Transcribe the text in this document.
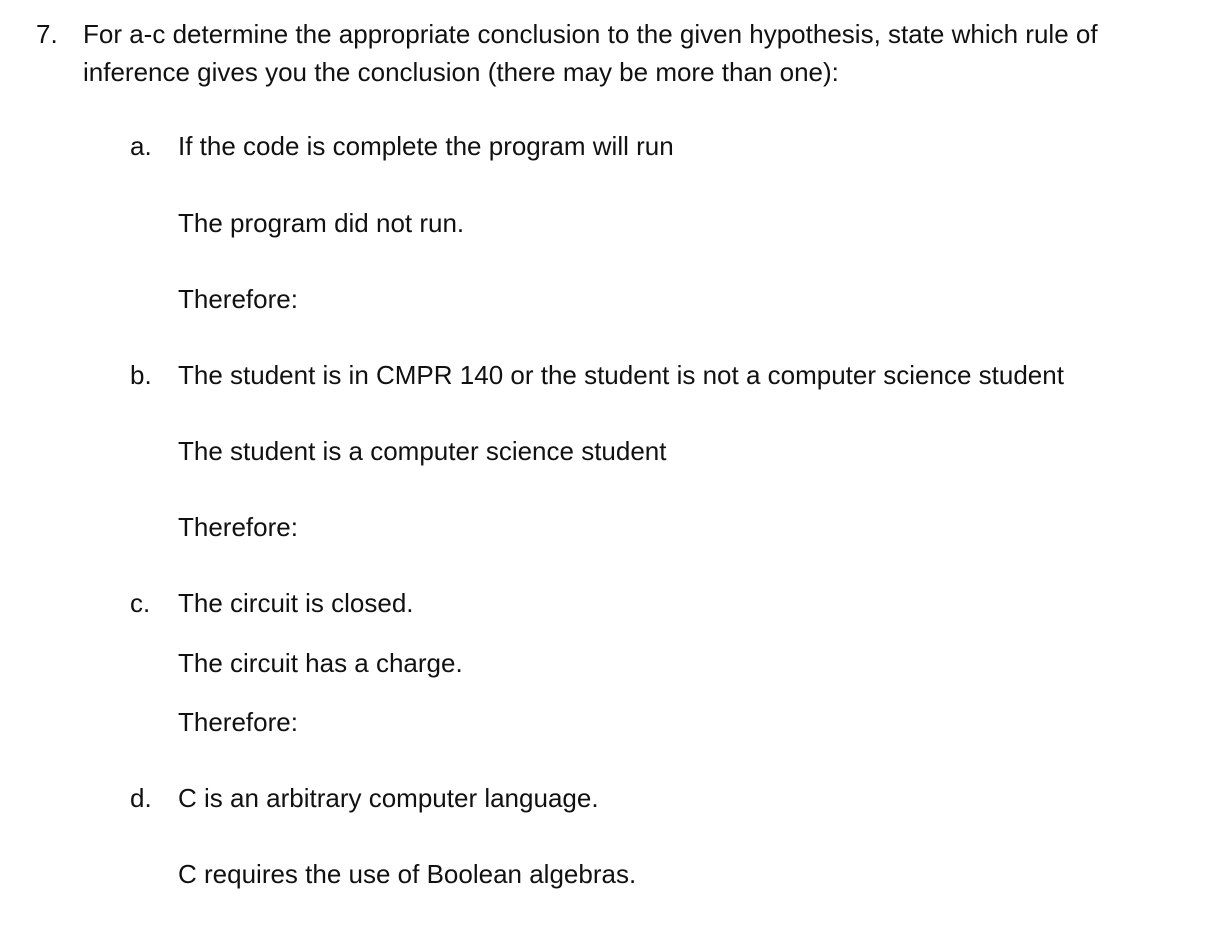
7. For a-c determine the appropriate conclusion to the given hypothesis, state which rule of
inference gives you the conclusion (there may be more than one):
a. If the code is complete the program will run
The program did not run.
Therefore:
b. The student is in CMPR 140 or the student is not a computer science student
The student is a computer science student
Therefore:
c. The circuit is closed.
The circuit has a charge.
Therefore:
d. C is an arbitrary computer language.
C requires the use of Boolean algebras.
